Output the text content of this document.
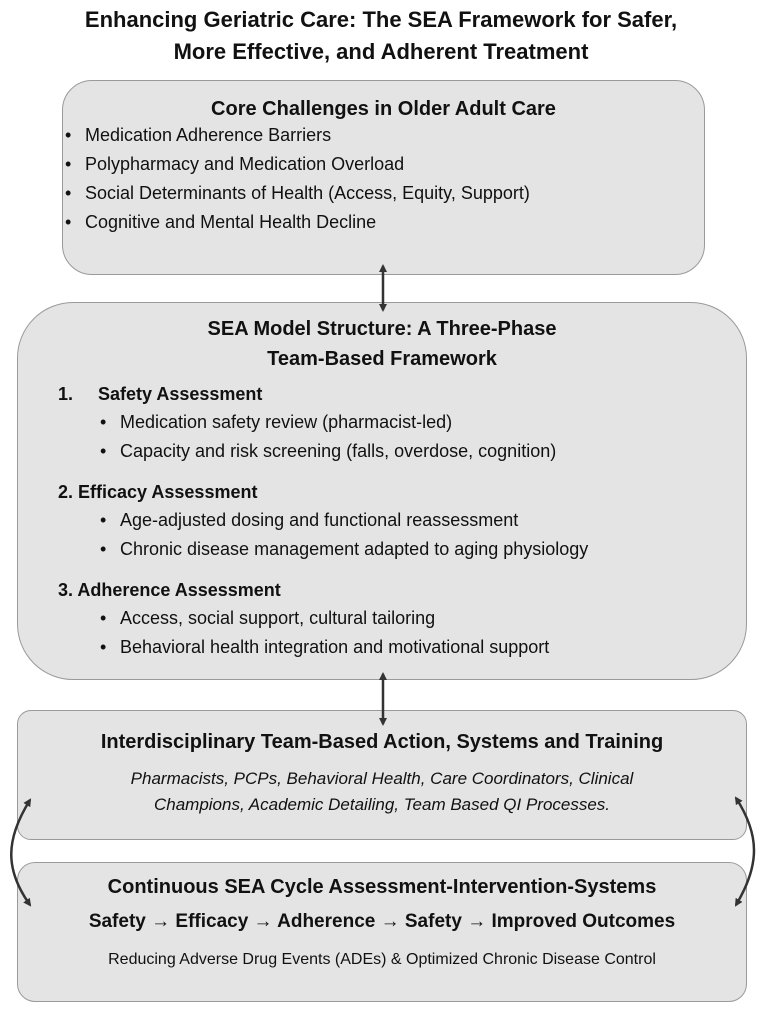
Enhancing Geriatric Care: The SEA Framework for Safer,
More Effective, and Adherent Treatment
Core Challenges in Older Adult Care
• Medication Adherence Barriers
• Polypharmacy and Medication Overload
• Social Determinants of Health (Access, Equity, Support)
• Cognitive and Mental Health Decline
SEA Model Structure: A Three-Phase
Team-Based Framework
1. Safety Assessment
• Medication safety review (pharmacist-led)
• Capacity and risk screening (falls, overdose, cognition)
2. Efficacy Assessment
• Age-adjusted dosing and functional reassessment
• Chronic disease management adapted to aging physiology
3. Adherence Assessment
• Access, social support, cultural tailoring
• Behavioral health integration and motivational support
Interdisciplinary Team-Based Action, Systems and Training
Pharmacists, PCPs, Behavioral Health, Care Coordinators, Clinical
Champions, Academic Detailing, Team Based QI Processes.
Continuous SEA Cycle Assessment-Intervention-Systems
Safety → Efficacy → Adherence → Safety → Improved Outcomes
Reducing Adverse Drug Events (ADEs) & Optimized Chronic Disease Control
